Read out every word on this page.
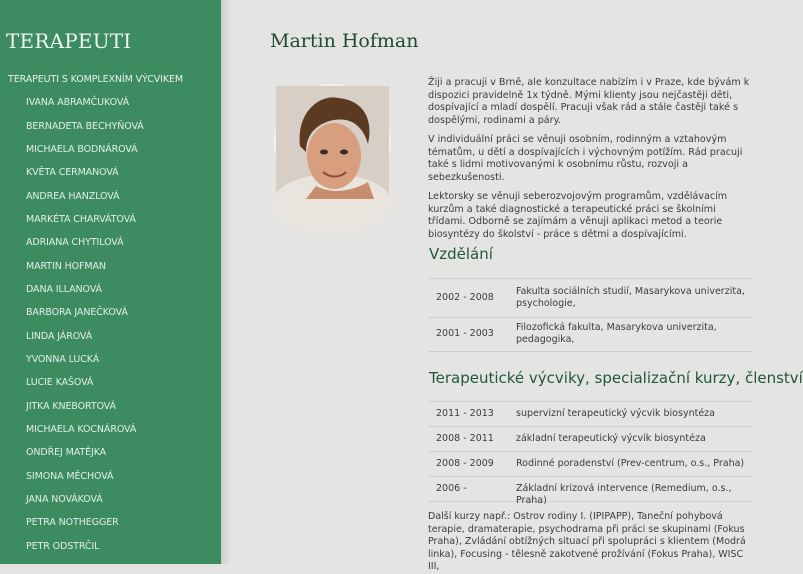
TERAPEUTI
TERAPEUTI S KOMPLEXNÍM VÝCVIKEM
IVANA ABRAMČUKOVÁ
BERNADETA BECHYŇOVÁ
MICHAELA BODNÁROVÁ
KVĚTA CERMANOVÁ
ANDREA HANZLOVÁ
MARKÉTA CHARVÁTOVÁ
ADRIANA CHYTILOVÁ
MARTIN HOFMAN
DANA ILLANOVÁ
BARBORA JANEČKOVÁ
LINDA JÁROVÁ
YVONNA LUCKÁ
LUCIE KAŠOVÁ
JITKA KNEBORTOVÁ
MICHAELA KOCNÁROVÁ
ONDŘEJ MATĚJKA
SIMONA MĚCHOVÁ
JANA NOVÁKOVÁ
PETRA NOTHEGGER
PETR ODSTRČIL
Martin Hofman

Žiji a pracuji v Brně, ale konzultace nabízím i v Praze, kde bývám k dispozici pravidelně 1x týdně. Mými klienty jsou nejčastěji děti, dospívající a mladí dospělí. Pracuji však rád a stále častěji také s dospělými, rodinami a páry.

V individuální práci se věnuji osobním, rodinným a vztahovým tématům, u dětí a dospívajících i výchovným potížím. Rád pracuji také s lidmi motivovanými k osobnímu růstu, rozvoji a sebezkušenosti.

Lektorsky se věnuji seberozvojovým programům, vzdělávacím kurzům a také diagnostické a terapeutické práci se školními třídami. Odborně se zajímám a věnuji aplikaci metod a teorie biosyntézy do školství - práce s dětmi a dospívajícími.

Vzdělání
2002 - 2008
Fakulta sociálních studií, Masarykova univerzita, psychologie,
2001 - 2003
Filozofická fakulta, Masarykova univerzita, pedagogika,
Terapeutické výcviky, specializační kurzy, členství
2011 - 2013 supervizní terapeutický výcvik biosyntéza
2008 - 2011 základní terapeutický výcvik biosyntéza
2008 - 2009 Rodinné poradenství (Prev-centrum, o.s., Praha)
2006 -	Základní krizová intervence (Remedium, o.s., Praha)
Další kurzy např.: Ostrov rodiny I. (IPIPAPP), Taneční pohybová terapie, dramaterapie, psychodrama při práci se skupinami (Fokus Praha), Zvládání obtížných situací při spolupráci s klientem (Modrá linka), Focusing - tělesně zakotvené prožívání (Fokus Praha), WISC III,
